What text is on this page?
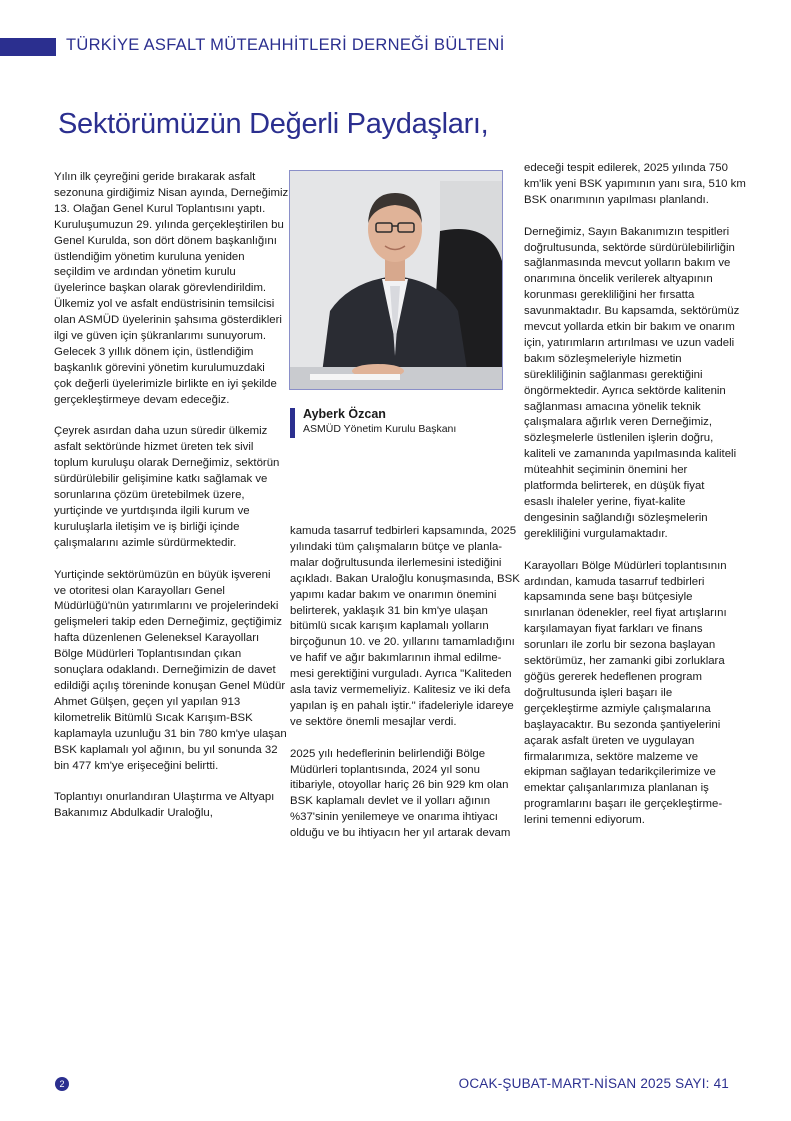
TÜRKİYE ASFALT MÜTEAHHİTLERİ DERNEĞİ BÜLTENİ
Sektörümüzün Değerli Paydaşları,

Yılın ilk çeyreğini geride bırakarak asfalt
sezonuna girdiğimiz Nisan ayında, Derneğimiz
13. Olağan Genel Kurul Toplantısını yaptı.
Kuruluşumuzun 29. yılında gerçekleştirilen bu
Genel Kurulda, son dört dönem başkanlığını
üstlendiğim yönetim kuruluna yeniden
seçildim ve ardından yönetim kurulu
üyelerince başkan olarak görevlendirildim.
Ülkemiz yol ve asfalt endüstrisinin temsilcisi
olan ASMÜD üyelerinin şahsıma gösterdikleri
ilgi ve güven için şükranlarımı sunuyorum.
Gelecek 3 yıllık dönem için, üstlendiğim
başkanlık görevini yönetim kurulumuzdaki
çok değerli üyelerimizle birlikte en iyi şekilde
gerçekleştirmeye devam edeceğiz.

Çeyrek asırdan daha uzun süredir ülkemiz
asfalt sektöründe hizmet üreten tek sivil
toplum kuruluşu olarak Derneğimiz, sektörün
sürdürülebilir gelişimine katkı sağlamak ve
sorunlarına çözüm üretebilmek üzere,
yurtiçinde ve yurtdışında ilgili kurum ve
kuruluşlarla iletişim ve iş birliği içinde
çalışmalarını azimle sürdürmektedir.

Yurtiçinde sektörümüzün en büyük işvereni
ve otoritesi olan Karayolları Genel
Müdürlüğü'nün yatırımlarını ve projelerindeki
gelişmeleri takip eden Derneğimiz, geçtiğimiz
hafta düzenlenen Geleneksel Karayolları
Bölge Müdürleri Toplantısından çıkan
sonuçlara odaklandı. Derneğimizin de davet
edildiği açılış töreninde konuşan Genel Müdür
Ahmet Gülşen, geçen yıl yapılan 913
kilometrelik Bitümlü Sıcak Karışım-BSK
kaplamayla uzunluğu 31 bin 780 km'ye ulaşan
BSK kaplamalı yol ağının, bu yıl sonunda 32
bin 477 km'ye erişeceğini belirtti.

Toplantıyı onurlandıran Ulaştırma ve Altyapı
Bakanımız Abdulkadir Uraloğlu,

Ayberk Özcan
ASMÜD Yönetim Kurulu Başkanı

kamuda tasarruf tedbirleri kapsamında, 2025
yılındaki tüm çalışmaların bütçe ve planla-
malar doğrultusunda ilerlemesini istediğini
açıkladı. Bakan Uraloğlu konuşmasında, BSK
yapımı kadar bakım ve onarımın önemini
belirterek, yaklaşık 31 bin km'ye ulaşan
bitümlü sıcak karışım kaplamalı yolların
birçoğunun 10. ve 20. yıllarını tamamladığını
ve hafif ve ağır bakımlarının ihmal edilme-
mesi gerektiğini vurguladı. Ayrıca "Kaliteden
asla taviz vermemeliyiz. Kalitesiz ve iki defa
yapılan iş en pahalı iştir." ifadeleriyle idareye
ve sektöre önemli mesajlar verdi.

2025 yılı hedeflerinin belirlendiği Bölge
Müdürleri toplantısında, 2024 yıl sonu
itibariyle, otoyollar hariç 26 bin 929 km olan
BSK kaplamalı devlet ve il yolları ağının
%37'sinin yenilemeye ve onarıma ihtiyacı
olduğu ve bu ihtiyacın her yıl artarak devam

edeceği tespit edilerek, 2025 yılında 750
km'lik yeni BSK yapımının yanı sıra, 510 km
BSK onarımının yapılması planlandı.

Derneğimiz, Sayın Bakanımızın tespitleri
doğrultusunda, sektörde sürdürülebilirliğin
sağlanmasında mevcut yolların bakım ve
onarımına öncelik verilerek altyapının
korunması gerekliliğini her fırsatta
savunmaktadır. Bu kapsamda, sektörümüz
mevcut yollarda etkin bir bakım ve onarım
için, yatırımların artırılması ve uzun vadeli
bakım sözleşmeleriyle hizmetin
sürekliliğinin sağlanması gerektiğini
öngörmektedir. Ayrıca sektörde kalitenin
sağlanması amacına yönelik teknik
çalışmalara ağırlık veren Derneğimiz,
sözleşmelerle üstlenilen işlerin doğru,
kaliteli ve zamanında yapılmasında kaliteli
müteahhit seçiminin önemini her
platformda belirterek, en düşük fiyat
esaslı ihaleler yerine, fiyat-kalite
dengesinin sağlandığı sözleşmelerin
gerekliliğini vurgulamaktadır.

Karayolları Bölge Müdürleri toplantısının
ardından, kamuda tasarruf tedbirleri
kapsamında sene başı bütçesiyle
sınırlanan ödenekler, reel fiyat artışlarını
karşılamayan fiyat farkları ve finans
sorunları ile zorlu bir sezona başlayan
sektörümüz, her zamanki gibi zorluklara
göğüs gererek hedeflenen program
doğrultusunda işleri başarı ile
gerçekleştirme azmiyle çalışmalarına
başlayacaktır. Bu sezonda şantiyelerini
açarak asfalt üreten ve uygulayan
firmalarımıza, sektöre malzeme ve
ekipman sağlayan tedarikçilerimize ve
emektar çalışanlarımıza planlanan iş
programlarını başarı ile gerçekleştirme-
lerini temenni ediyorum.

2	OCAK-ŞUBAT-MART-NİSAN 2025 SAYI: 41
